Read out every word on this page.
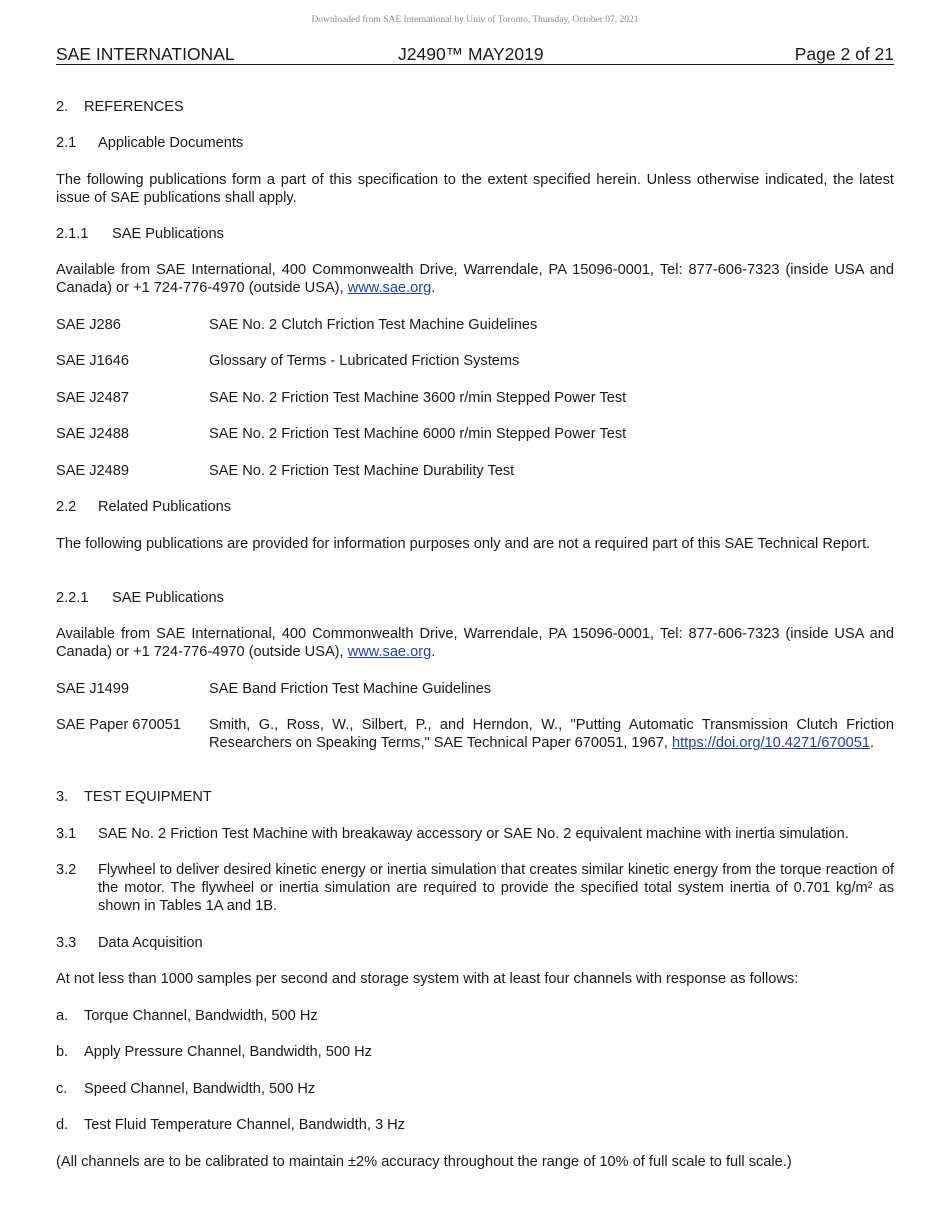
Downloaded from SAE International by Univ of Toronto, Thursday, October 07, 2021
SAE INTERNATIONAL	J2490™ MAY2019	Page 2 of 21
2. REFERENCES
2.1 Applicable Documents
The following publications form a part of this specification to the extent specified herein. Unless otherwise indicated, the latest issue of SAE publications shall apply.
2.1.1 SAE Publications
Available from SAE International, 400 Commonwealth Drive, Warrendale, PA 15096-0001, Tel: 877-606-7323 (inside USA and Canada) or +1 724-776-4970 (outside USA), www.sae.org.
SAE J286	SAE No. 2 Clutch Friction Test Machine Guidelines
SAE J1646	Glossary of Terms - Lubricated Friction Systems
SAE J2487	SAE No. 2 Friction Test Machine 3600 r/min Stepped Power Test
SAE J2488	SAE No. 2 Friction Test Machine 6000 r/min Stepped Power Test
SAE J2489	SAE No. 2 Friction Test Machine Durability Test
2.2 Related Publications
The following publications are provided for information purposes only and are not a required part of this SAE Technical Report.
2.2.1 SAE Publications
Available from SAE International, 400 Commonwealth Drive, Warrendale, PA 15096-0001, Tel: 877-606-7323 (inside USA and Canada) or +1 724-776-4970 (outside USA), www.sae.org.
SAE J1499	SAE Band Friction Test Machine Guidelines
SAE Paper 670051 Smith, G., Ross, W., Silbert, P., and Herndon, W., "Putting Automatic Transmission Clutch Friction Researchers on Speaking Terms," SAE Technical Paper 670051, 1967, https://doi.org/10.4271/670051.
3. TEST EQUIPMENT
3.1 SAE No. 2 Friction Test Machine with breakaway accessory or SAE No. 2 equivalent machine with inertia simulation.
3.2 Flywheel to deliver desired kinetic energy or inertia simulation that creates similar kinetic energy from the torque reaction of the motor. The flywheel or inertia simulation are required to provide the specified total system inertia of 0.701 $kg/m^2$ as shown in Tables 1A and 1B.
3.3 Data Acquisition
At not less than 1000 samples per second and storage system with at least four channels with response as follows:
a. Torque Channel, Bandwidth, 500 Hz
b. Apply Pressure Channel, Bandwidth, 500 Hz
c. Speed Channel, Bandwidth, 500 Hz
d. Test Fluid Temperature Channel, Bandwidth, 3 Hz
(All channels are to be calibrated to maintain ±2% accuracy throughout the range of 10% of full scale to full scale.)
